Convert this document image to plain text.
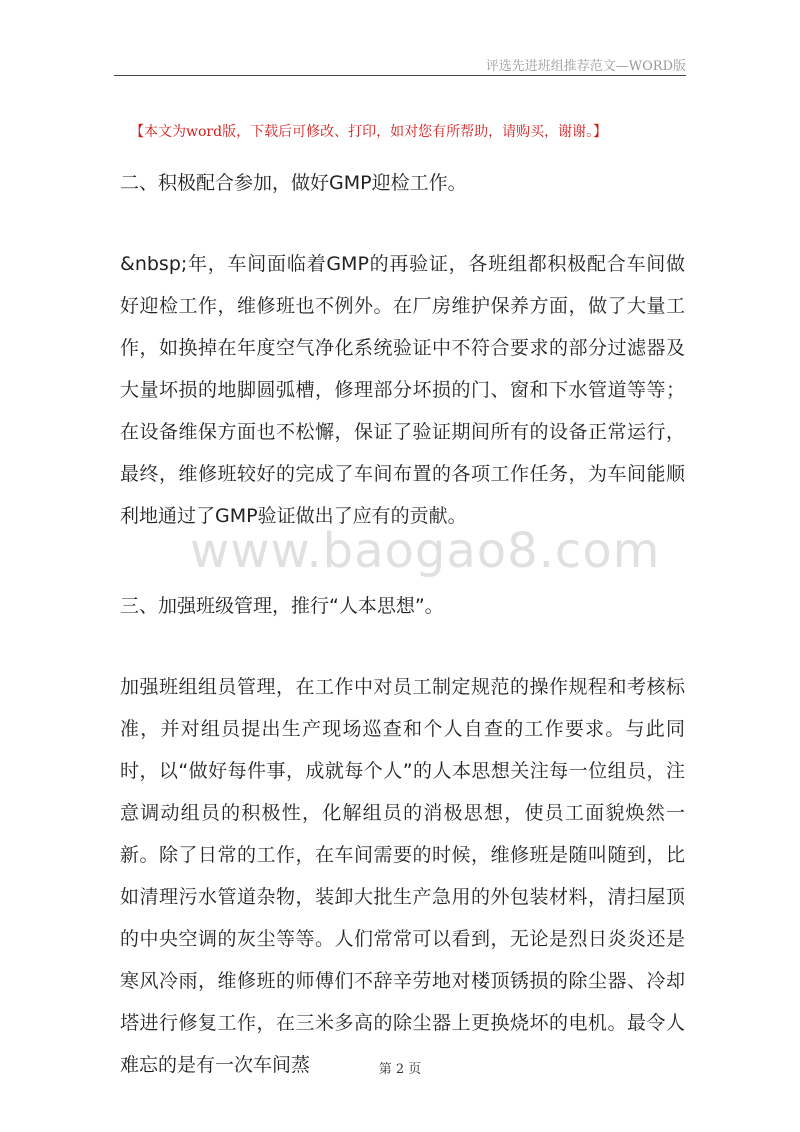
评选先进班组推荐范文—WORD版
【本文为word版，下载后可修改、打印，如对您有所帮助，请购买，谢谢。】
二、积极配合参加，做好GMP迎检工作。
&nbsp;年，车间面临着GMP的再验证，各班组都积极配合车间做好迎检工作，维修班也不例外。在厂房维护保养方面，做了大量工作，如换掉在年度空气净化系统验证中不符合要求的部分过滤器及大量坏损的地脚圆弧槽，修理部分坏损的门、窗和下水管道等等；在设备维保方面也不松懈，保证了验证期间所有的设备正常运行，最终，维修班较好的完成了车间布置的各项工作任务，为车间能顺利地通过了GMP验证做出了应有的贡献。
www.baogao8.com
三、加强班级管理，推行“人本思想”。
加强班组组员管理，在工作中对员工制定规范的操作规程和考核标准，并对组员提出生产现场巡查和个人自查的工作要求。与此同时，以“做好每件事，成就每个人”的人本思想关注每一位组员，注意调动组员的积极性，化解组员的消极思想，使员工面貌焕然一新。除了日常的工作，在车间需要的时候，维修班是随叫随到，比如清理污水管道杂物，装卸大批生产急用的外包装材料，清扫屋顶的中央空调的灰尘等等。人们常常可以看到，无论是烈日炎炎还是寒风冷雨，维修班的师傅们不辞辛劳地对楼顶锈损的除尘器、冷却塔进行修复工作，在三米多高的除尘器上更换烧坏的电机。最令人难忘的是有一次车间蒸	第 2 页
